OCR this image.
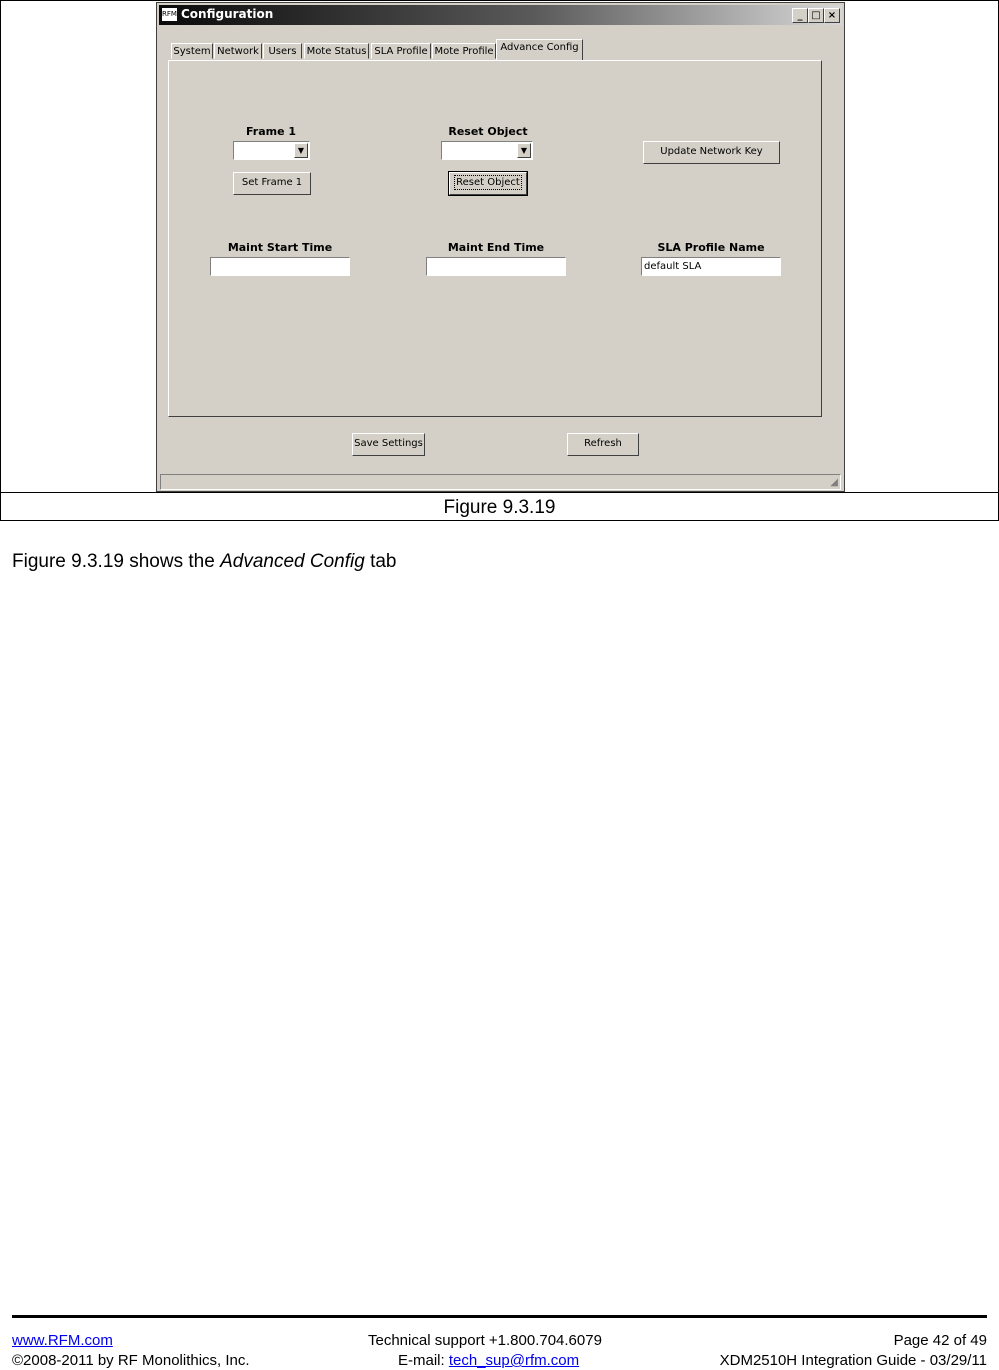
RFM Configuration	_ □ ×
System Network Users	Mote Status SLA Profile Mote Profile Advance Config
Frame 1
▼
Set Frame 1
Reset Object
▼
Reset Object
Update Network Key
Maint Start Time	Maint End Time	SLA Profile Name
default SLA
Save Settings	Refresh
◢
Figure 9.3.19
Figure 9.3.19 shows the Advanced Config tab
www.RFM.com
©2008-2011 by RF Monolithics, Inc.
Technical support +1.800.704.6079
E-mail: tech_sup@rfm.com
Page 42 of 49
XDM2510H Integration Guide - 03/29/11
